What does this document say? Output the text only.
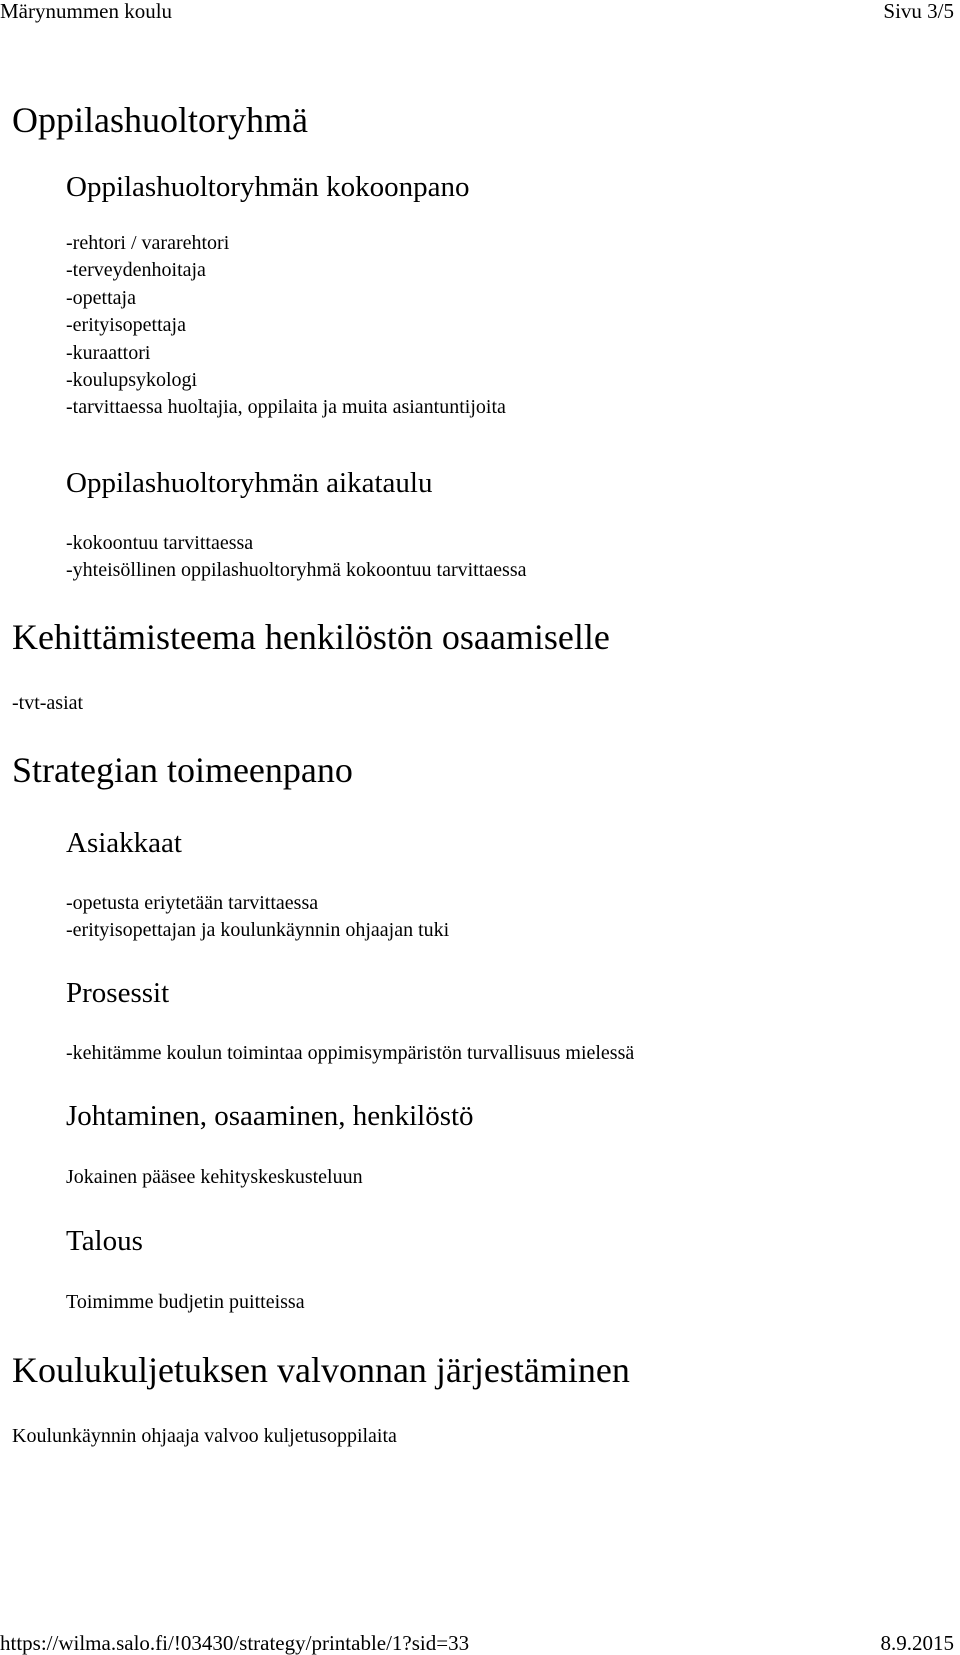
Märynummen koulu	Sivu 3/5
Oppilashuoltoryhmä
Oppilashuoltoryhmän kokoonpano
-rehtori / vararehtori
-terveydenhoitaja
-opettaja
-erityisopettaja
-kuraattori
-koulupsykologi
-tarvittaessa huoltajia, oppilaita ja muita asiantuntijoita
Oppilashuoltoryhmän aikataulu
-kokoontuu tarvittaessa
-yhteisöllinen oppilashuoltoryhmä kokoontuu tarvittaessa
Kehittämisteema henkilöstön osaamiselle

-tvt-asiat

Strategian toimeenpano
Asiakkaat
-opetusta eriytetään tarvittaessa
-erityisopettajan ja koulunkäynnin ohjaajan tuki
Prosessit

-kehitämme koulun toimintaa oppimisympäristön turvallisuus mielessä

Johtaminen, osaaminen, henkilöstö

Jokainen pääsee kehityskeskusteluun

Talous

Toimimme budjetin puitteissa

Koulukuljetuksen valvonnan järjestäminen

Koulunkäynnin ohjaaja valvoo kuljetusoppilaita

https://wilma.salo.fi/!03430/strategy/printable/1?sid=33	8.9.2015
